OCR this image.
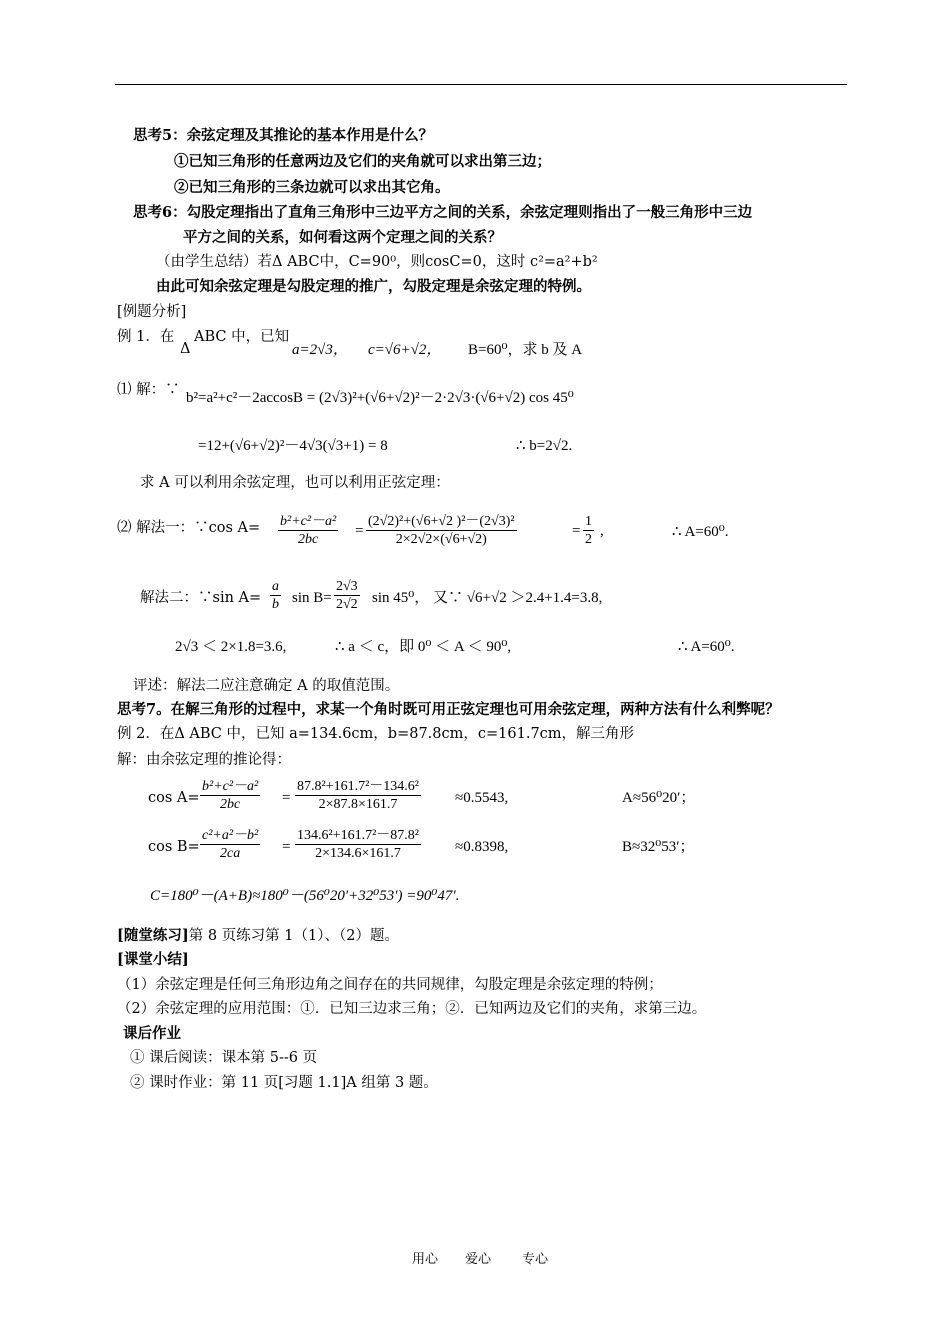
思考5：余弦定理及其推论的基本作用是什么？
①已知三角形的任意两边及它们的夹角就可以求出第三边；
②已知三角形的三条边就可以求出其它角。
思考6：勾股定理指出了直角三角形中三边平方之间的关系，余弦定理则指出了一般三角形中三边
平方之间的关系，如何看这两个定理之间的关系？
（由学生总结）若Δ ABC中，C=90⁰，则cosC=0，这时 c²=a²+b²
由此可知余弦定理是勾股定理的推广，勾股定理是余弦定理的特例。
[例题分析]
例 1．在
Δ
ABC 中，已知
a=2√3， c=√6+√2， B=60⁰，求 b 及 A
⑴ 解：∵ b²=a²+c²－2accosB = (2√3)²+(√6+√2)²－2·2√3·(√6+√2) cos 45⁰
=12+(√6+√2)²－4√3(√3+1) = 8	∴ b=2√2.
求 A 可以利用余弦定理，也可以利用正弦定理：
⑵ 解法一：∵cos $A= \frac{\text{b²+c²－a²}}{2bc} = \frac{\text{(2√2)²+(√6+√2 )²－(2√3)²}}{2\times 2√2\times(√6+√2)}$	= $\frac{1}{2}$ ,	∴ A=60⁰.
解法二：∵sin $A= \frac{a}{b}$ $\sin B= \frac{2√3}{2√2}$ sin 45⁰， 又∵ √6+√2 ＞2.4+1.4=3.8,
2√3 ＜ 2×1.8=3.6,	∴ a ＜ c，即 0⁰ ＜ A ＜ 90⁰,	∴ A=60⁰.
评述：解法二应注意确定 A 的取值范围。
思考7。在解三角形的过程中，求某一个角时既可用正弦定理也可用余弦定理，两种方法有什么利弊呢？
例 2．在Δ ABC 中，已知 a=134.6cm，b=87.8cm，c=161.7cm，解三角形
解：由余弦定理的推论得：
$\cos A= \frac{\text{b²+c²－a²}}{2bc} = \frac{\text{87.8²+161.7²－134.6²}}{2\times 87.8\times 161.7} \approx 0.5543$,	A≈56⁰20′；
$\cos B= \frac{\text{c²+a²－b²}}{2ca} = \frac{\text{134.6²+161.7²－87.8²}}{2\times 134.6\times 161.7} \approx 0.8398$,	B≈32⁰53′；
C=180⁰－(A+B)≈180⁰－(56⁰20′+32⁰53′) =90⁰47′.
[随堂练习]第 8 页练习第 1（1）、（2）题。
[课堂小结]
（1）余弦定理是任何三角形边角之间存在的共同规律，勾股定理是余弦定理的特例；
（2）余弦定理的应用范围：①．已知三边求三角；②．已知两边及它们的夹角，求第三边。
课后作业
① 课后阅读：课本第 5--6 页
② 课时作业：第 11 页[习题 1.1]A 组第 3 题。
用心 爱心 专心
